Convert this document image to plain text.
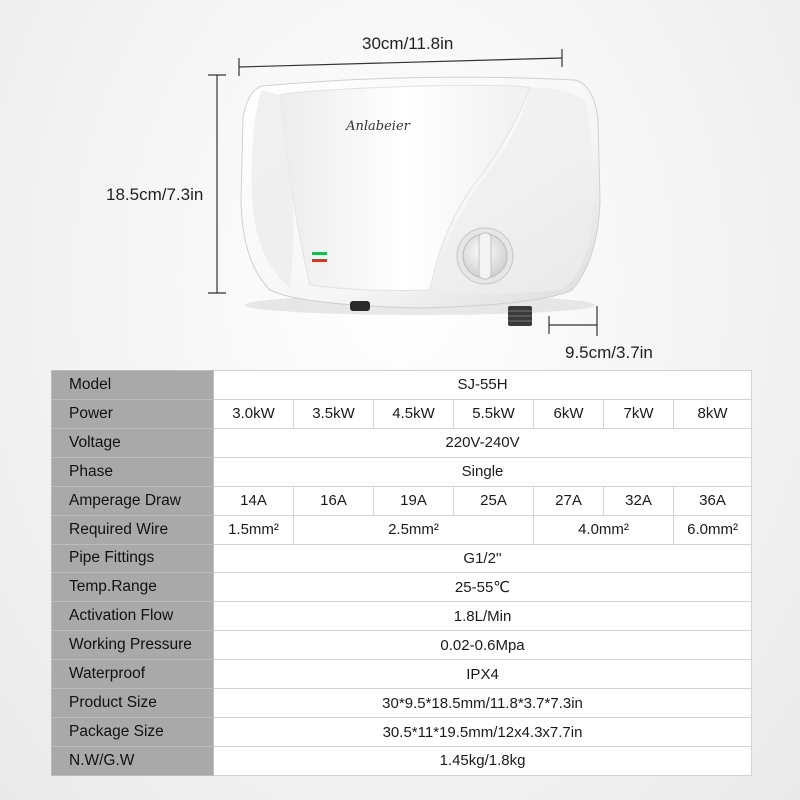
Anlabeier
30cm/11.8in
18.5cm/7.3in
9.5cm/3.7in
Model	SJ-55H						
Power	3.0kW	3.5kW	4.5kW	5.5kW	6kW	7kW	8kW
Voltage	220V-240V						
Phase	Single						
Amperage Draw	14A	16A	19A	25A	27A	32A	36A
Required Wire	1.5mm²	2.5mm²			4.0mm²		6.0mm²
Pipe Fittings	G1/2''						
Temp.Range	25-55℃						
Activation Flow	1.8L/Min						
Working Pressure	0.02-0.6Mpa						
Waterproof	IPX4						
Product Size	30*9.5*18.5mm/11.8*3.7*7.3in						
Package Size	30.5*11*19.5mm/12x4.3x7.7in						
N.W/G.W	1.45kg/1.8kg						
